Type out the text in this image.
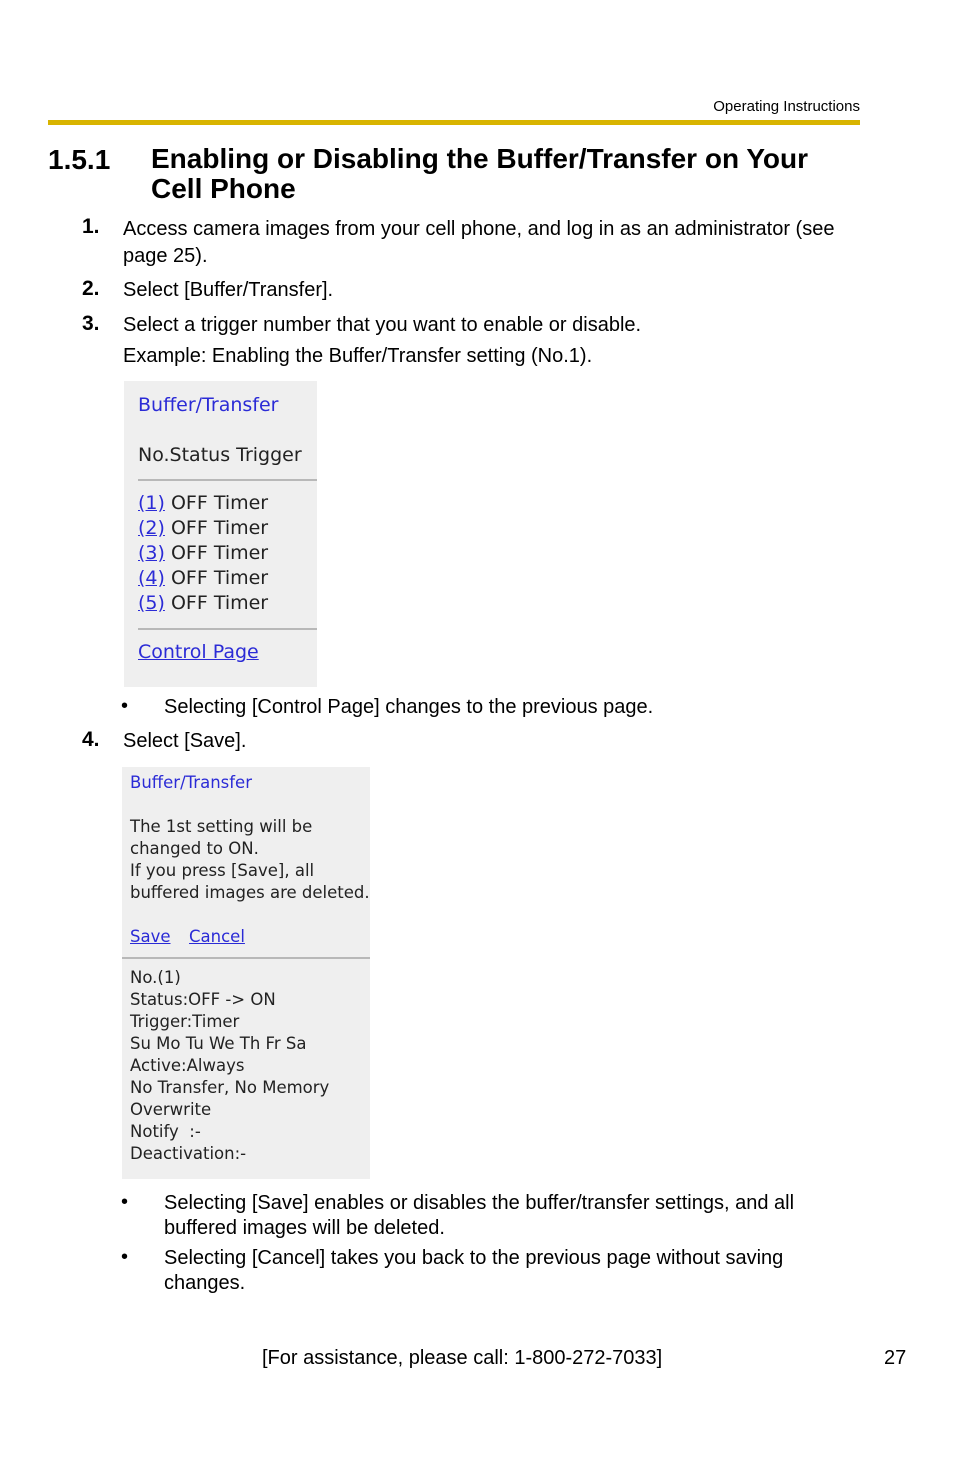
Operating Instructions
1.5.1 Enabling or Disabling the Buffer/Transfer on Your Cell Phone
1. Access camera images from your cell phone, and log in as an administrator (see page 25).
2. Select [Buffer/Transfer].
3. Select a trigger number that you want to enable or disable.
Example: Enabling the Buffer/Transfer setting (No.1).
Buffer/Transfer
No.Status Trigger
(1) OFF Timer
(2) OFF Timer
(3) OFF Timer
(4) OFF Timer
(5) OFF Timer
Control Page
• Selecting [Control Page] changes to the previous page.
4. Select [Save].
Buffer/Transfer
The 1st setting will be
changed to ON.
If you press [Save], all
buffered images are deleted.
Save Cancel
No.(1)
Status:OFF -> ON
Trigger:Timer
Su Mo Tu We Th Fr Sa
Active:Always
No Transfer, No Memory
Overwrite
Notify  :-
Deactivation:-
• Selecting [Save] enables or disables the buffer/transfer settings, and all buffered images will be deleted.
• Selecting [Cancel] takes you back to the previous page without saving changes.
[For assistance, please call: 1-800-272-7033]	27
